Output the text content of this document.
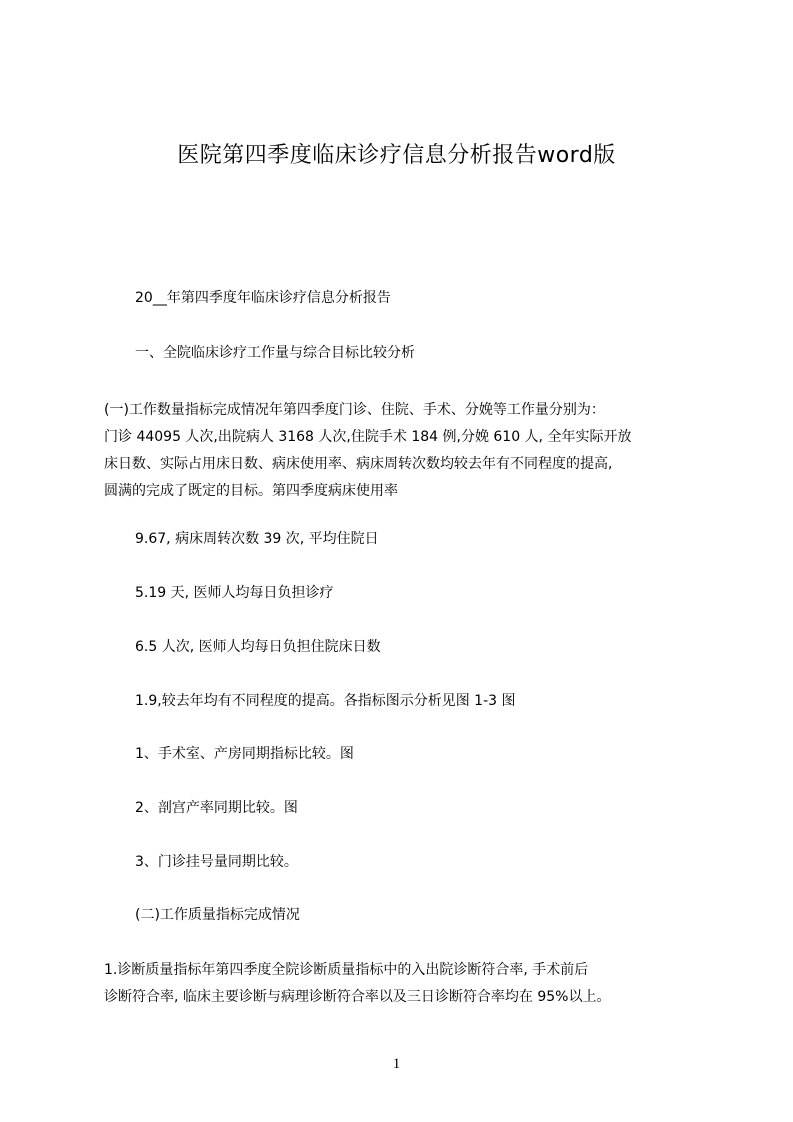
医院第四季度临床诊疗信息分析报告word版
20__年第四季度年临床诊疗信息分析报告
一、全院临床诊疗工作量与综合目标比较分析
(一)工作数量指标完成情况年第四季度门诊、住院、手术、分娩等工作量分别为：
门诊 44095 人次,出院病人 3168 人次,住院手术 184 例,分娩 610 人, 全年实际开放
床日数、实际占用床日数、病床使用率、病床周转次数均较去年有不同程度的提高,
圆满的完成了既定的目标。第四季度病床使用率
9.67, 病床周转次数 39 次, 平均住院日
5.19 天, 医师人均每日负担诊疗
6.5 人次, 医师人均每日负担住院床日数
1.9,较去年均有不同程度的提高。各指标图示分析见图 1-3 图
1、手术室、产房同期指标比较。图
2、剖宫产率同期比较。图
3、门诊挂号量同期比较。
(二)工作质量指标完成情况
1.诊断质量指标年第四季度全院诊断质量指标中的入出院诊断符合率, 手术前后
诊断符合率, 临床主要诊断与病理诊断符合率以及三日诊断符合率均在 95%以上。
1
